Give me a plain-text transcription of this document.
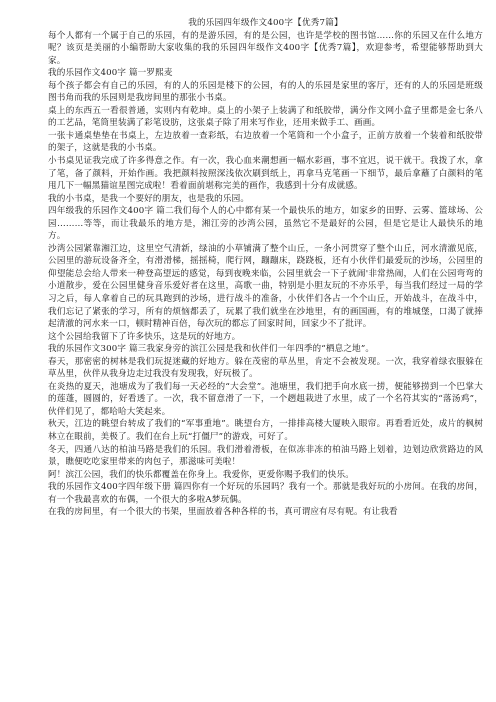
我的乐园四年级作文400字【优秀7篇】

每个人都有一个属于自己的乐园，有的是游乐园，有的是公园，也许是学校的图书馆……你的乐园又在什么地方呢？该页是美丽的小编帮助大家收集的我的乐园四年级作文400字【优秀7篇】，欢迎参考，希望能够帮助到大家。

我的乐园作文400字 篇一罗熙麦

每个孩子都会有自己的乐园，有的人的乐园是楼下的公园，有的人的乐园是家里的客厅，还有的人的乐园是班级图书角而我的乐园则是我房间里的那张小书桌。

桌上的东西五一看很普通，实则内有乾坤。桌上的小架子上装满了和纸胶带，满分作文网小盒子里都是金七条八的工艺品，笔筒里装满了彩笔设肪，这张桌子除了用来写作业，还用来做手工、画画。

一张卡通桌垫垫在书桌上，左边放着一查彩纸，右边放着一个笔筒和一个小盒子，正前方放着一个装着和纸胶带的架子，这就是我的小书桌。

小书桌见证我完成了许多得意之作。有一次，我心血来潮想画一幅水彩画，事不宜迟，说干就干。我拨了水，拿了笔，备了颜料，开始作画。我把颜料按照深浅依次刷到纸上，再拿马克笔画一下细节，最后拿蘸了白颜料的笔甩几下一幅黑猫谊星图完成啦！看着面前堪称完美的画作，我感到十分有成就感。

我的小书桌，是我一个要好的朋友，也是我的乐园。

四年级我的乐园作文400字 篇二我们每个人的心中都有某一个最快乐的地方，如家乡的田野、云雾、篮球场、公园………等等，而让我最乐的地方是，湘江旁的沙湾公园，虽然它不是最好的公园，但是它是让人最快乐的地方。

沙湾公园紧靠湘江边，这里空气清新，绿油的小草铺满了整个山丘，一条小河贯穿了整个山丘，河水清澈见底，公园里的游玩设备齐全，有滑滑梯，摇摇椅，爬行网，蹦蹦床，跷跷板，还有小伙伴们最爱玩的沙场，公园里的仰望能总会给人带来一种登高望远的感觉，每到夜晚来临，公园里就会一下子就闹'非常热闹，人们在公园弯弯的小道散步，爱在公园里健身音乐爱好者在这里，高歌一曲，特别是小胆友玩的不亦乐乎，每当我们经过一局的学习之后，每人拿着自己的玩具跑到的沙场，进行战斗的准备，小伙伴们各占一个个山丘，开始战斗，在战斗中，我们忘记了紧张的学习，所有的烦恼都丢了，玩累了我们就坐在沙地里，有的画国画，有的堆城堡，口渴了就捧起清澈的河水来一口，顿时精神百倍，每次玩的都忘了回家时间，回家少不了批评。

这个公园给我留下了许多快乐，这是玩的好地方。

我的乐园作文300字 篇三我家身旁的滨江公园是我和伙伴们一年四季的“栖息之地”。

春天，那密密的树林是我们玩捉迷藏的好地方。躲在茂密的草丛里，肯定不会被发现。一次，我穿着绿衣服躲在草丛里，伙伴从我身边走过我没有发现我，好玩极了。

在炎热的夏天，池塘成为了我们每一天必经的“大会堂”。池塘里，我们把手向水底一捞，便能够捞到一个巴掌大的莲蓬，圆圆的，好看透了。一次，我不留意滑了一下，一个趔趄栽进了水里，成了一个名符其实的“落汤鸡”，伙伴们见了，都哈哈大笑起来。

秋天，江边的眺望台转成了我们的“军事重地”。眺望台方，一排排高楼大厦映入眼帘。再看看近处，成片的枫树林立在眼前，美极了。我们在台上玩“打僵尸”的游戏，可好了。

冬天，四通八达的柏油马路是我们的乐园。我们滑着滑板，在似冻非冻的柏油马路上划着，边划边欣赏路边的风景，瞧便吃吃家里带来的肉包子，那滋味可美啦！

阿！滨江公园，我们的快乐都覆盖在你身上。我爱你，更爱你赐予我们的快乐。

我的乐园作文400字四年级下册 篇四你有一个好玩的乐园吗？我有一个。那就是我好玩的小房间。在我的房间，有一个我最喜欢的布偶，一个很大的多啦A梦玩偶。

在我的房间里，有一个很大的书架，里面放着各种各样的书，真可谓应有尽有呢。有让我看
